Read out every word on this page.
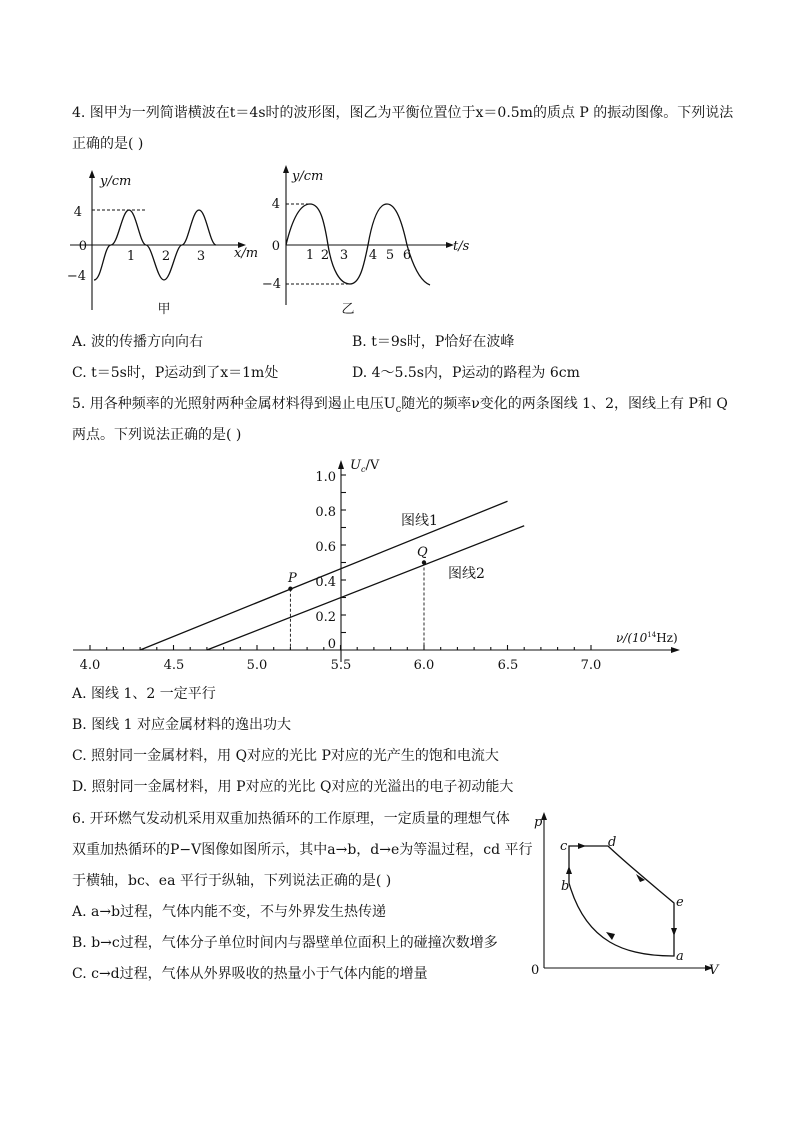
4. 图甲为一列简谐横波在t＝4s时的波形图，图乙为平衡位置位于x＝0.5m的质点 P 的振动图像。下列说法
正确的是( )
y/cm
x/m
4
0
−4
1 2 3
甲
y/cm
t/s
4
0
−4
1 2 3 4 5 6
乙
A. 波的传播方向向右	B. t＝9s时，P恰好在波峰
C. t＝5s时，P运动到了x＝1m处	D. 4～5.5s内，P运动的路程为 6cm
5. 用各种频率的光照射两种金属材料得到遏止电压$U_c$随光的频率ν变化的两条图线 1、2，图线上有 P和 Q
两点。下列说法正确的是( )
$U_c/V$
$\nu/(10^{14}Hz)$
4.0	4.5	5.0	5.5	6.0	6.5	7.0
1.0
0.8
0.6
0.4
0.2
0
P
Q
图线1
图线2
A. 图线 1、2 一定平行
B. 图线 1 对应金属材料的逸出功大
C. 照射同一金属材料，用 Q对应的光比 P对应的光产生的饱和电流大
D. 照射同一金属材料，用 P对应的光比 Q对应的光溢出的电子初动能大
6. 开环燃气发动机采用双重加热循环的工作原理，一定质量的理想气体
双重加热循环的P−V图像如图所示，其中a→b，d→e为等温过程，cd 平行
于横轴，bc、ea 平行于纵轴，下列说法正确的是( )
A. a→b过程，气体内能不变，不与外界发生热传递
B. b→c过程，气体分子单位时间内与器壁单位面积上的碰撞次数增多
C. c→d过程，气体从外界吸收的热量小于气体内能的增量
p
V
0
a
b
c	d
e
